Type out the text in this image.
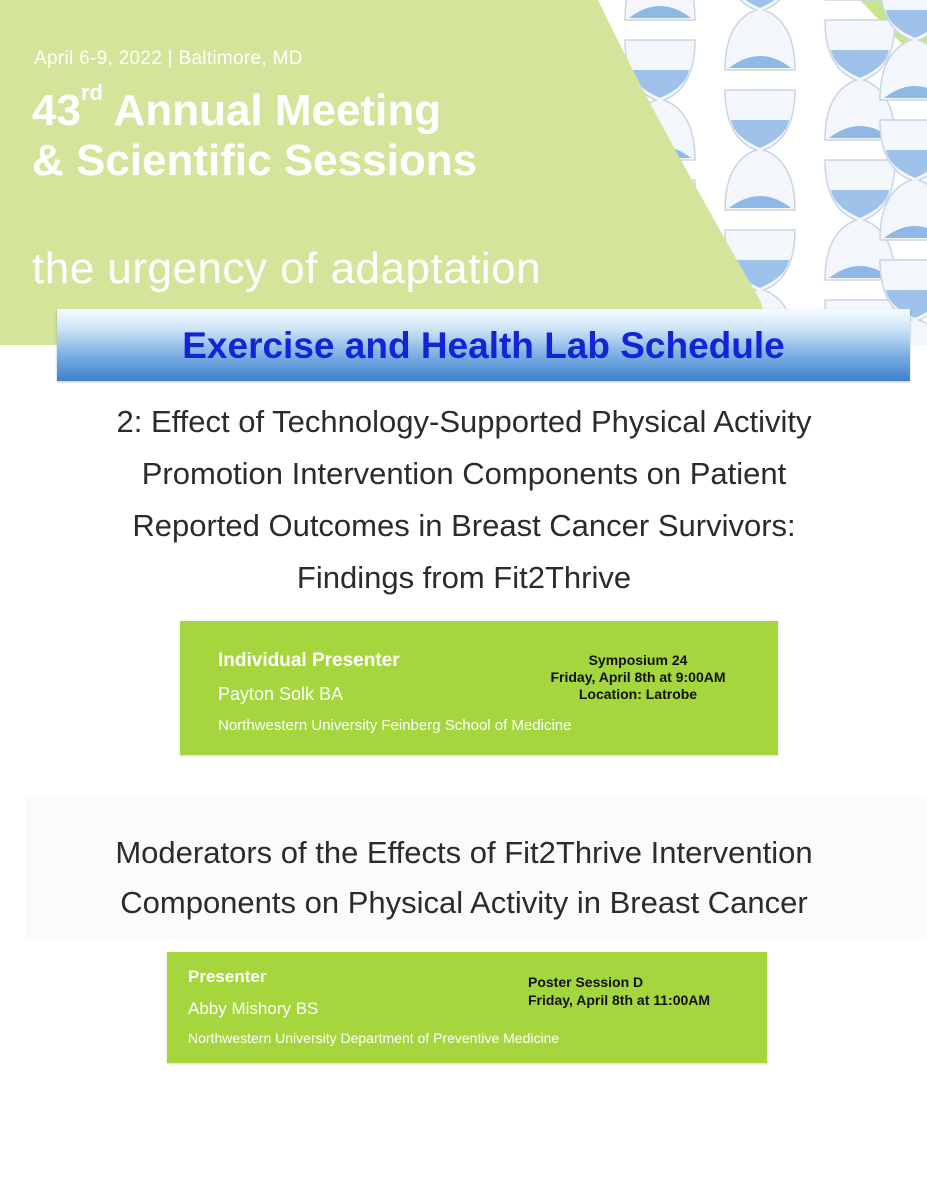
April 6-9, 2022 | Baltimore, MD
43rd Annual Meeting
& Scientific Sessions
the urgency of adaptation
Exercise and Health Lab Schedule
2: Effect of Technology-Supported Physical Activity
Promotion Intervention Components on Patient
Reported Outcomes in Breast Cancer Survivors:
Findings from Fit2Thrive
Individual Presenter
Payton Solk BA
Northwestern University Feinberg School of Medicine
Symposium 24
Friday, April 8th at 9:00AM
Location: Latrobe
Moderators of the Effects of Fit2Thrive Intervention
Components on Physical Activity in Breast Cancer
Presenter
Abby Mishory BS
Northwestern University Department of Preventive Medicine
Poster Session D
Friday, April 8th at 11:00AM
